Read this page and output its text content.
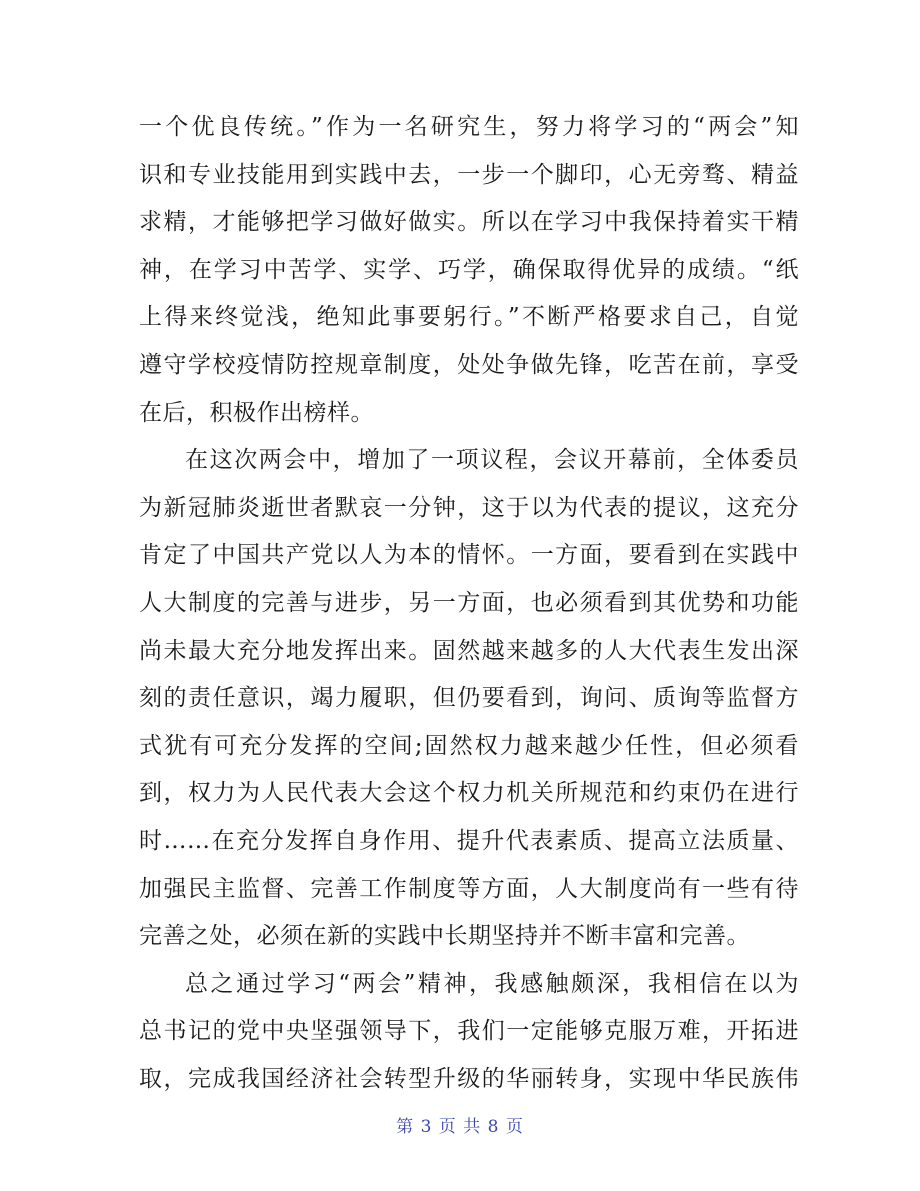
一个优良传统。”作为一名研究生，努力将学习的“两会”知
识和专业技能用到实践中去，一步一个脚印，心无旁骛、精益
求精，才能够把学习做好做实。所以在学习中我保持着实干精
神，在学习中苦学、实学、巧学，确保取得优异的成绩。“纸
上得来终觉浅，绝知此事要躬行。”不断严格要求自己，自觉
遵守学校疫情防控规章制度，处处争做先锋，吃苦在前，享受
在后，积极作出榜样。
在这次两会中，增加了一项议程，会议开幕前，全体委员
为新冠肺炎逝世者默哀一分钟，这于以为代表的提议，这充分
肯定了中国共产党以人为本的情怀。一方面，要看到在实践中
人大制度的完善与进步，另一方面，也必须看到其优势和功能
尚未最大充分地发挥出来。固然越来越多的人大代表生发出深
刻的责任意识，竭力履职，但仍要看到，询问、质询等监督方
式犹有可充分发挥的空间;固然权力越来越少任性，但必须看
到，权力为人民代表大会这个权力机关所规范和约束仍在进行
时……在充分发挥自身作用、提升代表素质、提高立法质量、
加强民主监督、完善工作制度等方面，人大制度尚有一些有待
完善之处，必须在新的实践中长期坚持并不断丰富和完善。
总之通过学习“两会”精神，我感触颇深，我相信在以为
总书记的党中央坚强领导下，我们一定能够克服万难，开拓进
取，完成我国经济社会转型升级的华丽转身，实现中华民族伟
第 3 页 共 8 页
